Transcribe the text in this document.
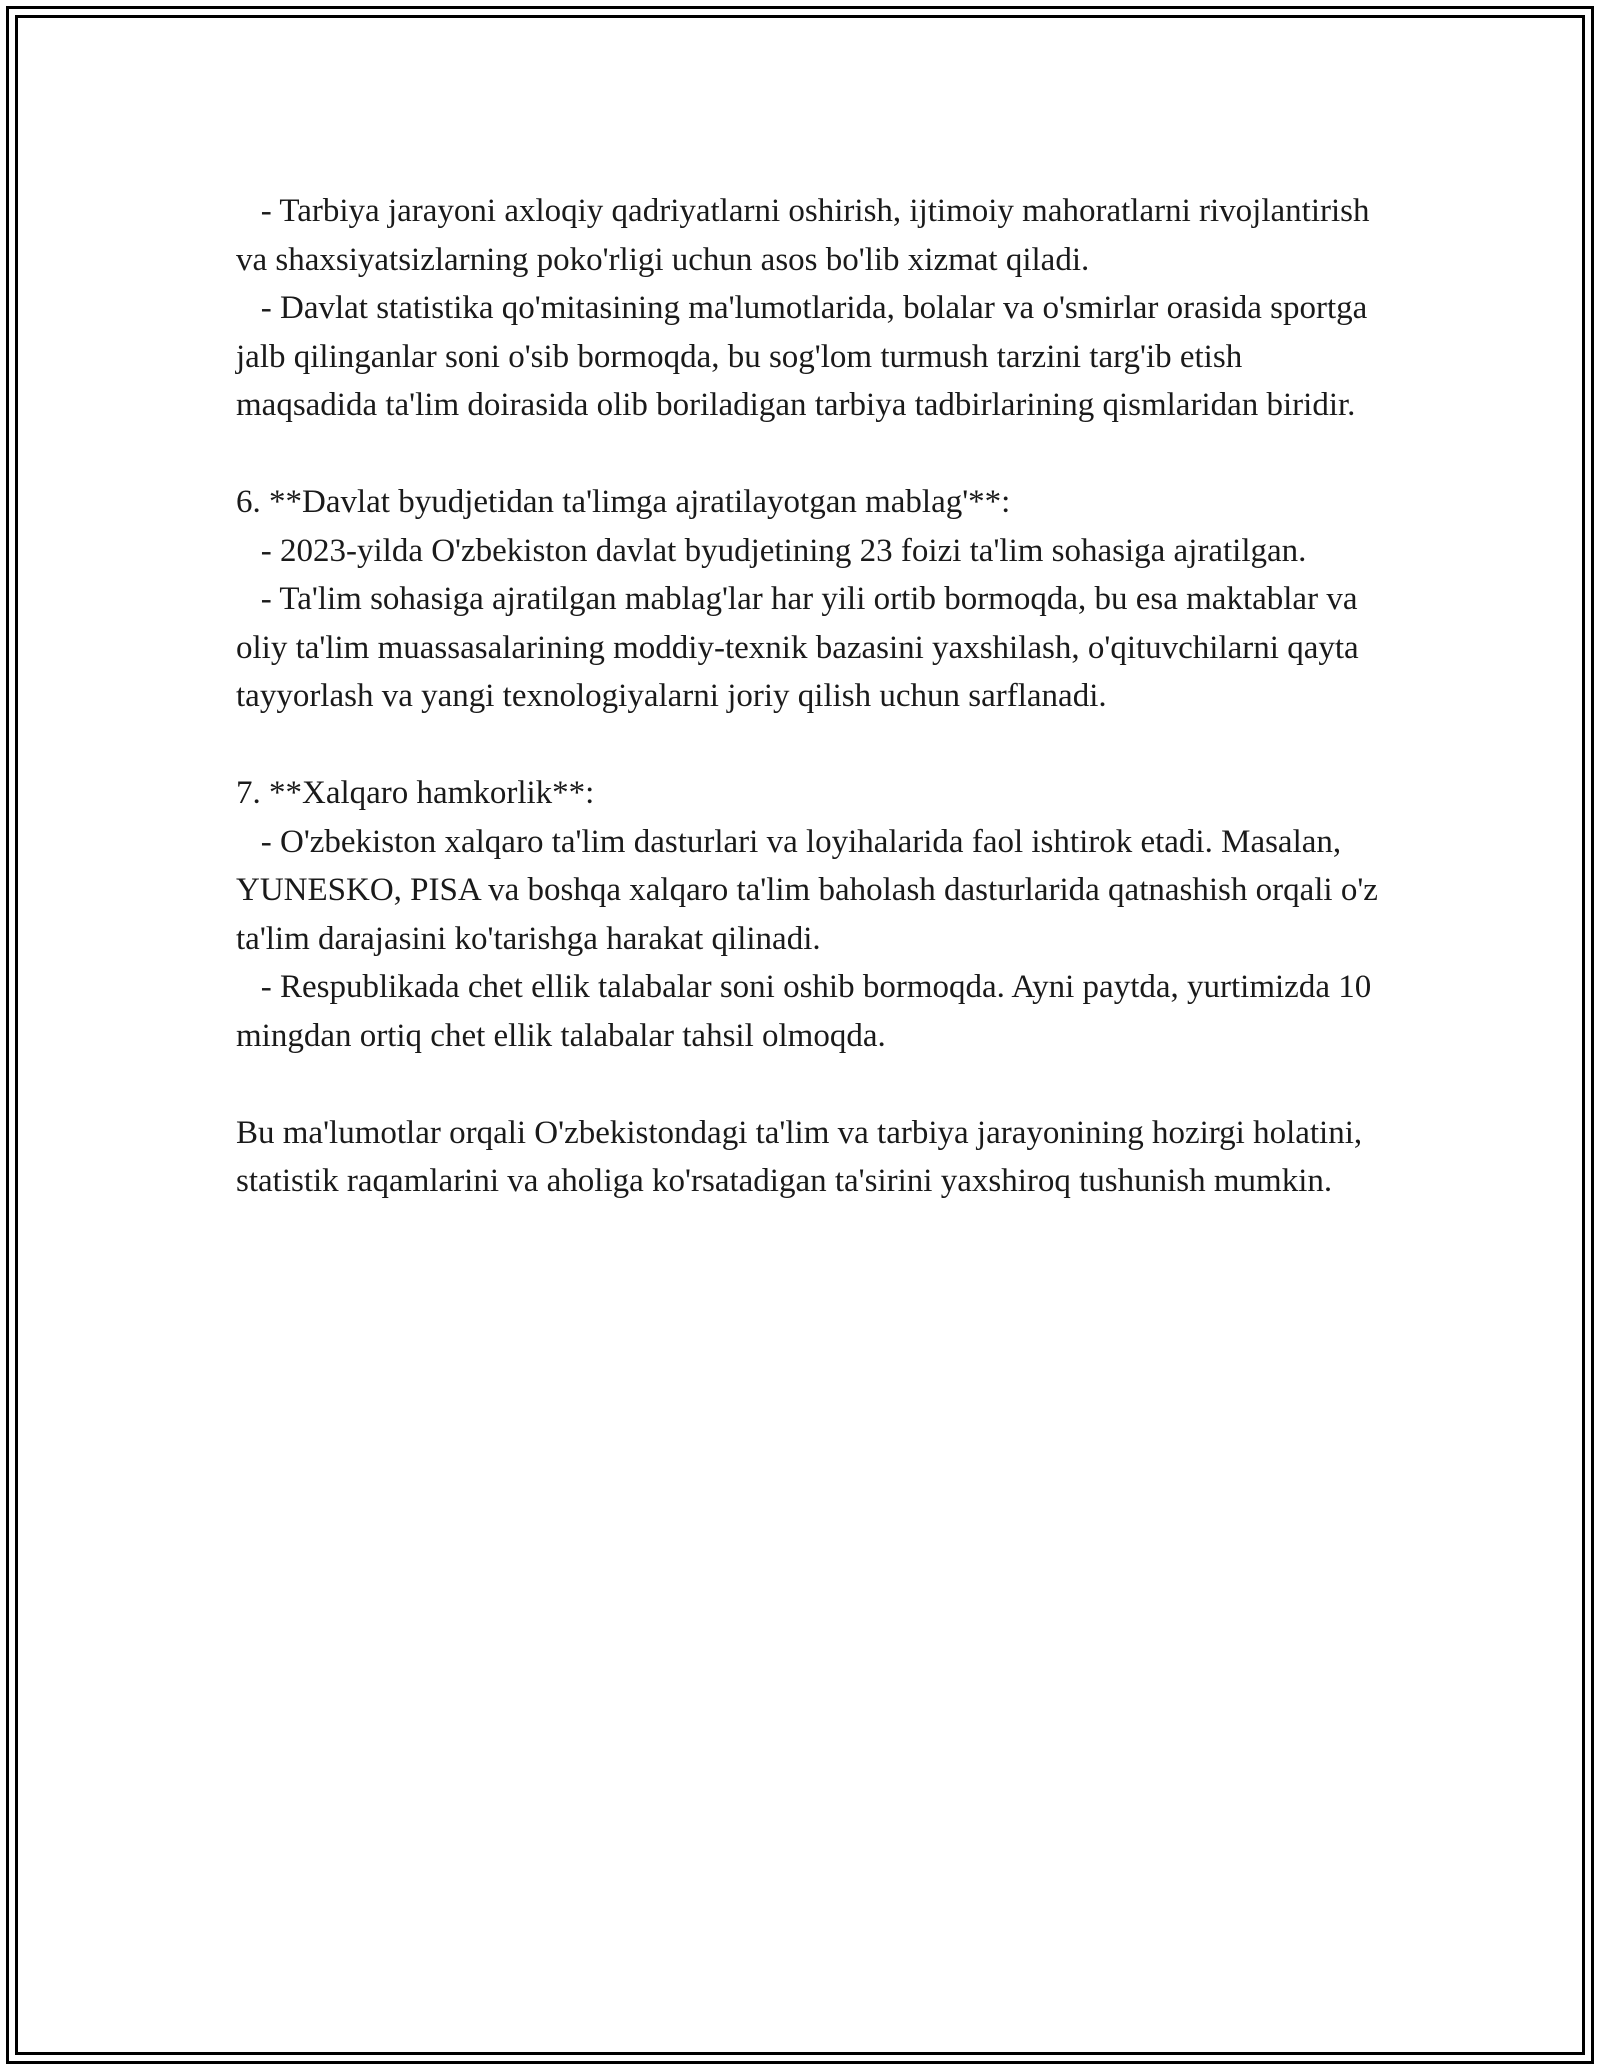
- Tarbiya jarayoni axloqiy qadriyatlarni oshirish, ijtimoiy mahoratlarni rivojlantirish va shaxsiyatsizlarning poko'rligi uchun asos bo'lib xizmat qiladi.

- Davlat statistika qo'mitasining ma'lumotlarida, bolalar va o'smirlar orasida sportga jalb qilinganlar soni o'sib bormoqda, bu sog'lom turmush tarzini targ'ib etish maqsadida ta'lim doirasida olib boriladigan tarbiya tadbirlarining qismlaridan biridir.

6. **Davlat byudjetidan ta'limga ajratilayotgan mablag'**:

- 2023-yilda O'zbekiston davlat byudjetining 23 foizi ta'lim sohasiga ajratilgan.

- Ta'lim sohasiga ajratilgan mablag'lar har yili ortib bormoqda, bu esa maktablar va oliy ta'lim muassasalarining moddiy-texnik bazasini yaxshilash, o'qituvchilarni qayta tayyorlash va yangi texnologiyalarni joriy qilish uchun sarflanadi.

7. **Xalqaro hamkorlik**:

- O'zbekiston xalqaro ta'lim dasturlari va loyihalarida faol ishtirok etadi. Masalan, YUNESKO, PISA va boshqa xalqaro ta'lim baholash dasturlarida qatnashish orqali o'z ta'lim darajasini ko'tarishga harakat qilinadi.

- Respublikada chet ellik talabalar soni oshib bormoqda. Ayni paytda, yurtimizda 10 mingdan ortiq chet ellik talabalar tahsil olmoqda.

Bu ma'lumotlar orqali O'zbekistondagi ta'lim va tarbiya jarayonining hozirgi holatini, statistik raqamlarini va aholiga ko'rsatadigan ta'sirini yaxshiroq tushunish mumkin.
